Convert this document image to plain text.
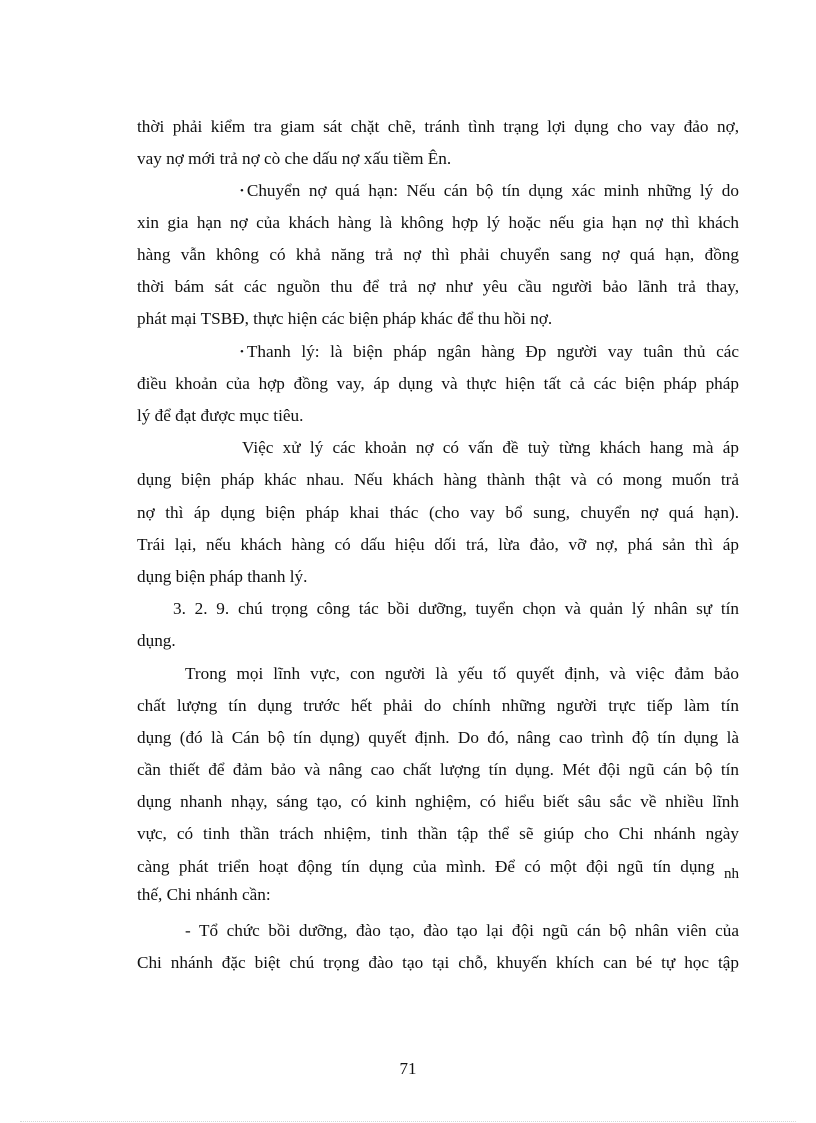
thời phải kiểm tra giam sát chặt chẽ, tránh tình trạng lợi dụng cho vay đảo nợ,
vay nợ mới trả nợ cò che dấu nợ xấu tiềm Ên.
• Chuyển nợ quá hạn: Nếu cán bộ tín dụng xác minh những lý do
xin gia hạn nợ của khách hàng là không hợp lý hoặc nếu gia hạn nợ thì khách
hàng vẫn không có khả năng trả nợ thì phải chuyển sang nợ quá hạn, đồng
thời bám sát các nguồn thu để trả nợ như yêu cầu người bảo lãnh trả thay,
phát mại TSBĐ, thực hiện các biện pháp khác để thu hồi nợ.
• Thanh lý: là biện pháp ngân hàng Đp người vay tuân thủ các
điều khoản của hợp đồng vay, áp dụng và thực hiện tất cả các biện pháp pháp
lý để đạt được mục tiêu.
Việc xử lý các khoản nợ có vấn đề tuỳ từng khách hang mà áp
dụng biện pháp khác nhau. Nếu khách hàng thành thật và có mong muốn trả
nợ thì áp dụng biện pháp khai thác (cho vay bổ sung, chuyển nợ quá hạn).
Trái lại, nếu khách hàng có dấu hiệu dối trá, lừa đảo, vỡ nợ, phá sản thì áp
dụng biện pháp thanh lý.
3. 2. 9. chú trọng công tác bồi dưỡng, tuyển chọn và quản lý nhân sự tín
dụng.
Trong mọi lĩnh vực, con người là yếu tố quyết định, và việc đảm bảo
chất lượng tín dụng trước hết phải do chính những người trực tiếp làm tín
dụng (đó là Cán bộ tín dụng) quyết định. Do đó, nâng cao trình độ tín dụng là
cần thiết để đảm bảo và nâng cao chất lượng tín dụng. Mét đội ngũ cán bộ tín
dụng nhanh nhạy, sáng tạo, có kinh nghiệm, có hiểu biết sâu sắc về nhiều lĩnh
vực, có tinh thần trách nhiệm, tinh thần tập thể sẽ giúp cho Chi nhánh ngày
càng phát triển hoạt động tín dụng của mình. Để có một đội ngũ tín dụng nh
thế, Chi nhánh cần:
- Tổ chức bồi dưỡng, đào tạo, đào tạo lại đội ngũ cán bộ nhân viên của
Chi nhánh đặc biệt chú trọng đào tạo tại chỗ, khuyến khích can bé tự học tập
71
